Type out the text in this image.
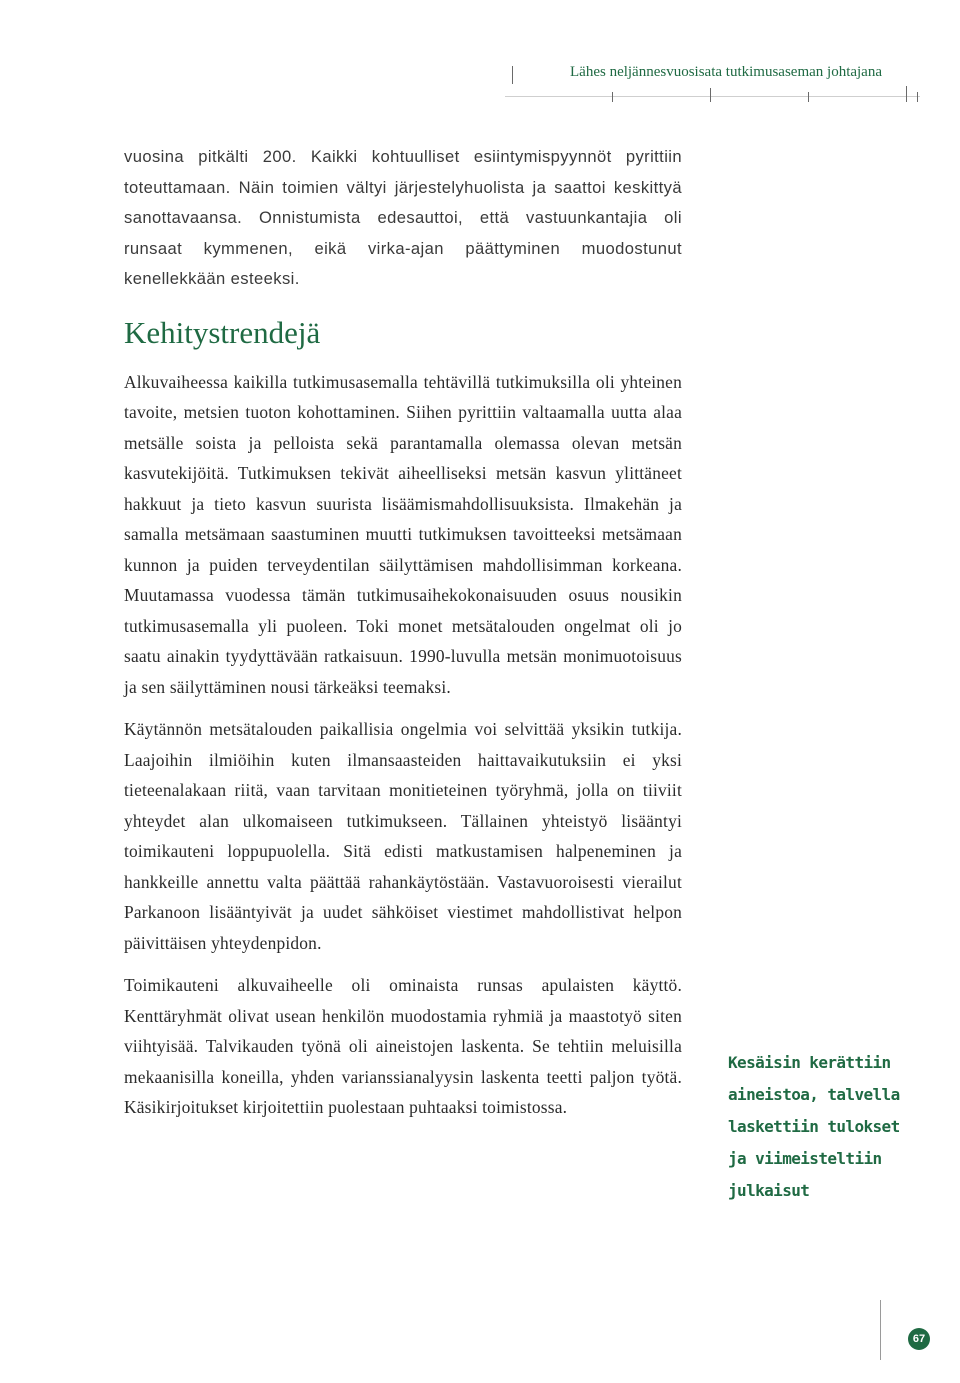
Lähes neljännesvuosisata tutkimusaseman johtajana

vuosina pitkälti 200. Kaikki kohtuulliset esiintymispyynnöt pyrittiin toteuttamaan. Näin toimien vältyi järjestelyhuolista ja saattoi keskittyä sanottavaansa. Onnistumista edesauttoi, että vastuunkantajia oli runsaat kymmenen, eikä virka-ajan päättyminen muodostunut kenellekkään esteeksi.

Kehitystrendejä

Alkuvaiheessa kaikilla tutkimusasemalla tehtävillä tutkimuksilla oli yhteinen tavoite, metsien tuoton kohottaminen. Siihen pyrittiin valtaamalla uutta alaa metsälle soista ja pelloista sekä parantamalla olemassa olevan metsän kasvutekijöitä. Tutkimuksen tekivät aiheelliseksi metsän kasvun ylittäneet hakkuut ja tieto kasvun suurista lisäämismahdollisuuksista. Ilmakehän ja samalla metsämaan saastuminen muutti tutkimuksen tavoitteeksi metsämaan kunnon ja puiden terveydentilan säilyttämisen mahdollisimman korkeana. Muutamassa vuodessa tämän tutkimusaihekokonaisuuden osuus nousikin tutkimusasemalla yli puoleen. Toki monet metsätalouden ongelmat oli jo saatu ainakin tyydyttävään ratkaisuun. 1990-luvulla metsän monimuotoisuus ja sen säilyttäminen nousi tärkeäksi teemaksi.

Käytännön metsätalouden paikallisia ongelmia voi selvittää yksikin tutkija. Laajoihin ilmiöihin kuten ilmansaasteiden haittavaikutuksiin ei yksi tieteenalakaan riitä, vaan tarvitaan monitieteinen työryhmä, jolla on tiiviit yhteydet alan ulkomaiseen tutkimukseen. Tällainen yhteistyö lisääntyi toimikauteni loppupuolella. Sitä edisti matkustamisen halpeneminen ja hankkeille annettu valta päättää rahankäytöstään. Vastavuoroisesti vierailut Parkanoon lisääntyivät ja uudet sähköiset viestimet mahdollistivat helpon päivittäisen yhteydenpidon.

Toimikauteni alkuvaiheelle oli ominaista runsas apulaisten käyttö. Kenttäryhmät olivat usean henkilön muodostamia ryhmiä ja maastotyö siten viihtyisää. Talvikauden työnä oli aineistojen laskenta. Se tehtiin meluisilla mekaanisilla koneilla, yhden varianssianalyysin laskenta teetti paljon työtä. Käsikirjoitukset kirjoitettiin puolestaan puhtaaksi toimistossa.

Kesäisin kerättiin aineistoa, talvella laskettiin tulokset ja viimeisteltiin julkaisut
67
